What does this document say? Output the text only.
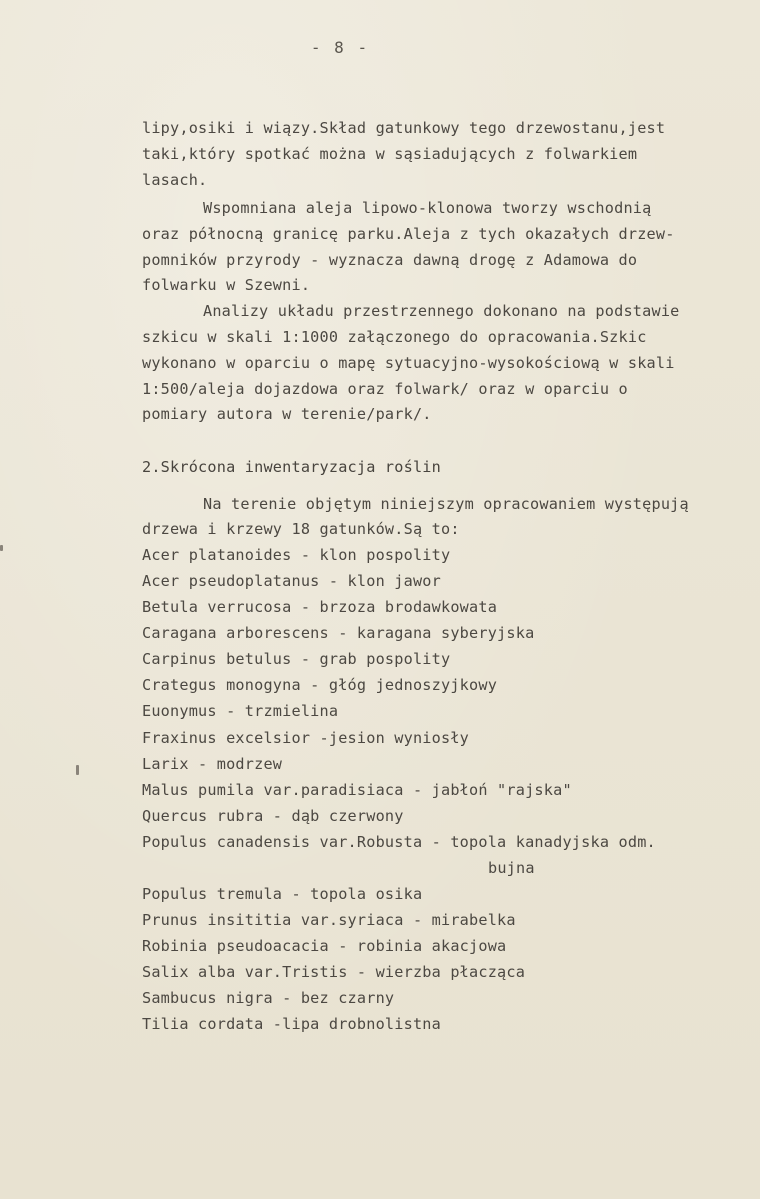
- 8 -
lipy,osiki i wiązy.Skład gatunkowy tego drzewostanu,jest
taki,który spotkać można w sąsiadujących z folwarkiem
lasach.
Wspomniana aleja lipowo-klonowa tworzy wschodnią
oraz północną granicę parku.Aleja z tych okazałych drzew-
pomników przyrody - wyznacza dawną drogę z Adamowa do
folwarku w Szewni.
Analizy układu przestrzennego dokonano na podstawie
szkicu w skali 1:1000 załączonego do opracowania.Szkic
wykonano w oparciu o mapę sytuacyjno-wysokościową w skali
1:500/aleja dojazdowa oraz folwark/ oraz w oparciu o
pomiary autora w terenie/park/.
2.Skrócona inwentaryzacja roślin
Na terenie objętym niniejszym opracowaniem występują
drzewa i krzewy 18 gatunków.Są to:
Acer platanoides - klon pospolity
Acer pseudoplatanus - klon jawor
Betula verrucosa - brzoza brodawkowata
Caragana arborescens - karagana syberyjska
Carpinus betulus - grab pospolity
Crategus monogyna - głóg jednoszyjkowy
Euonymus - trzmielina
Fraxinus excelsior -jesion wyniosły
Larix - modrzew
Malus pumila var.paradisiaca - jabłoń "rajska"
Quercus rubra - dąb czerwony
Populus canadensis var.Robusta - topola kanadyjska odm.
bujna
Populus tremula - topola osika
Prunus insititia var.syriaca - mirabelka
Robinia pseudoacacia - robinia akacjowa
Salix alba var.Tristis - wierzba płacząca
Sambucus nigra - bez czarny
Tilia cordata -lipa drobnolistna
